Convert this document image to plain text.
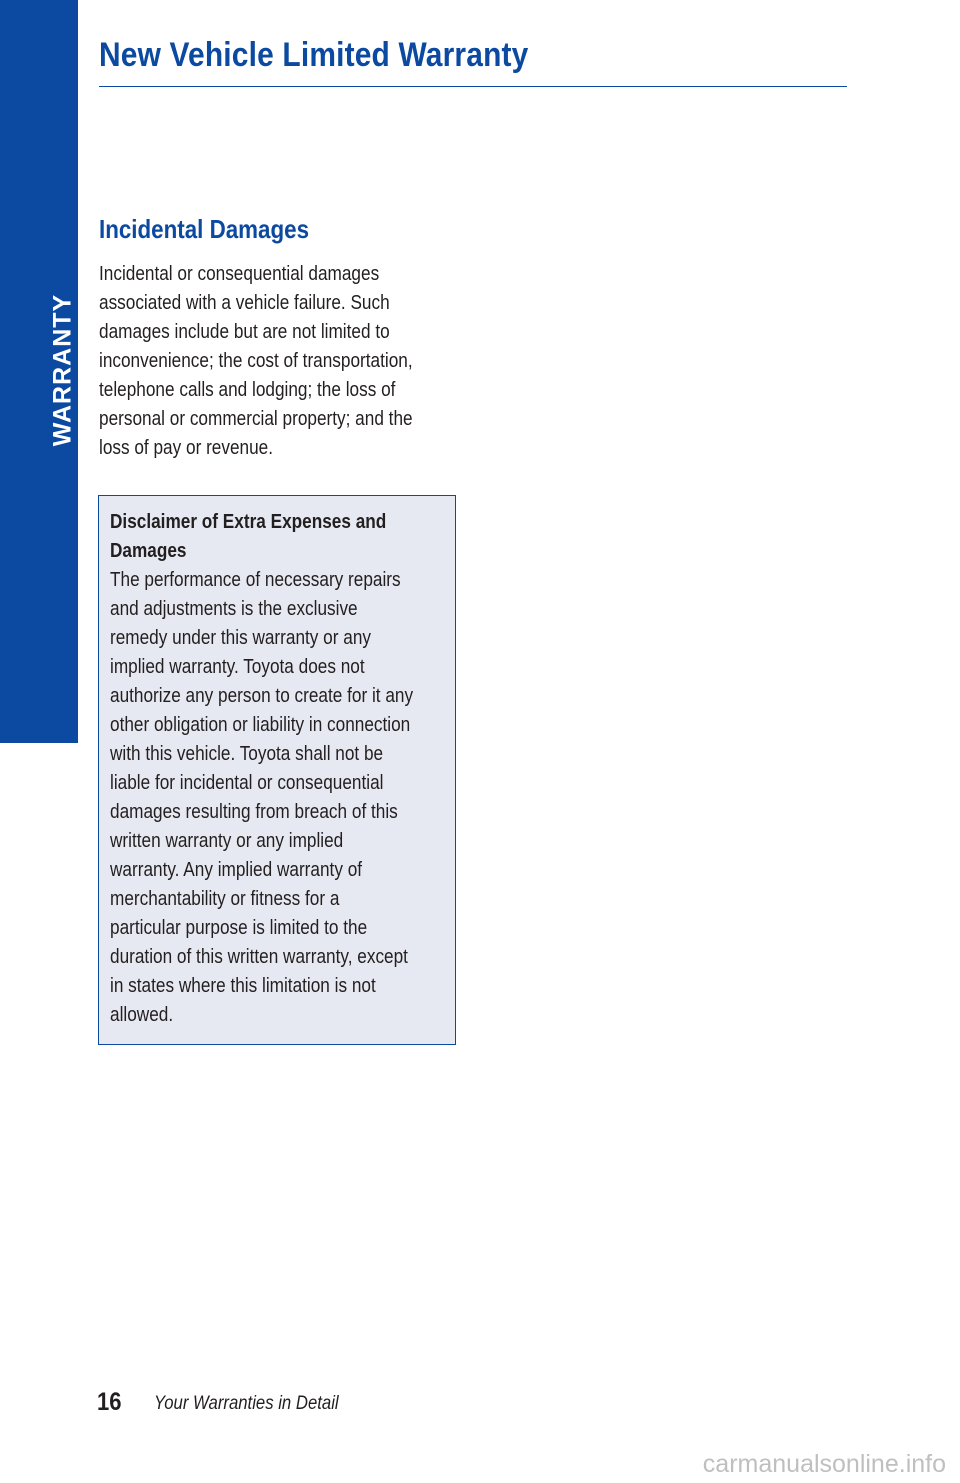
WARRANTY
New Vehicle Limited Warranty
Incidental Damages

Incidental or consequential damages
associated with a vehicle failure. Such
damages include but are not limited to
inconvenience; the cost of transportation,
telephone calls and lodging; the loss of
personal or commercial property; and the
loss of pay or revenue.

Disclaimer of Extra Expenses and
Damages
The performance of necessary repairs
and adjustments is the exclusive
remedy under this warranty or any
implied warranty. Toyota does not
authorize any person to create for it any
other obligation or liability in connection
with this vehicle. Toyota shall not be
liable for incidental or consequential
damages resulting from breach of this
written warranty or any implied
warranty. Any implied warranty of
merchantability or fitness for a
particular purpose is limited to the
duration of this written warranty, except
in states where this limitation is not
allowed.
16 Your Warranties in Detail
carmanualsonline.info
